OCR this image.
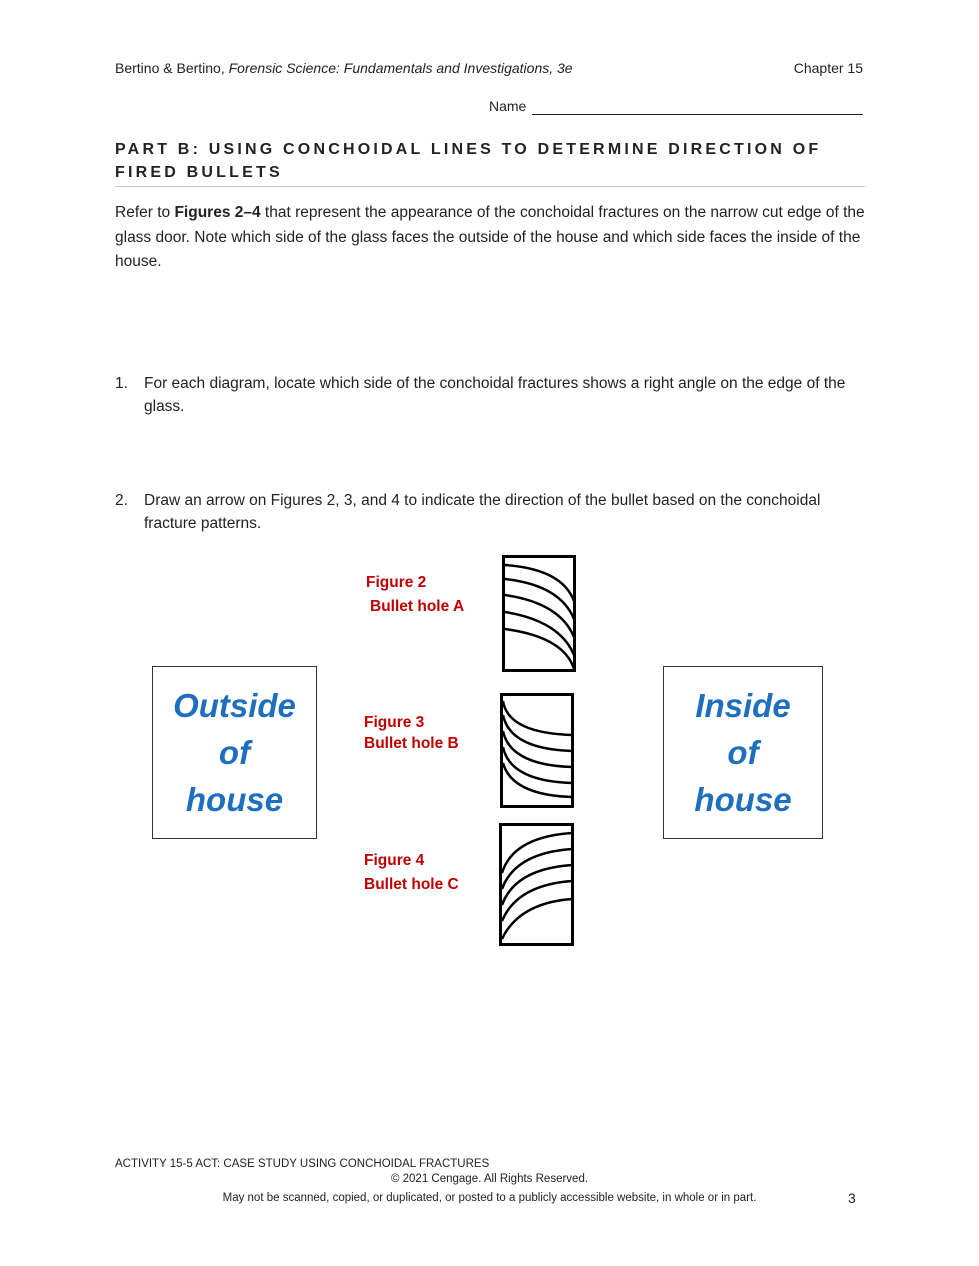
Bertino & Bertino, Forensic Science: Fundamentals and Investigations, 3e	Chapter 15
Name
PART B: USING CONCHOIDAL LINES TO DETERMINE DIRECTION OF FIRED BULLETS
Refer to Figures 2–4 that represent the appearance of the conchoidal fractures on the narrow cut edge of the glass door. Note which side of the glass faces the outside of the house and which side faces the inside of the house.
1. For each diagram, locate which side of the conchoidal fractures shows a right angle on the edge of the glass.
2. Draw an arrow on Figures 2, 3, and 4 to indicate the direction of the bullet based on the conchoidal fracture patterns.
Figure 2
Bullet hole A
Figure 3
Bullet hole B
Figure 4
Bullet hole C
Outside
of
house
Inside
of
house
ACTIVITY 15-5 ACT: CASE STUDY USING CONCHOIDAL FRACTURES
© 2021 Cengage. All Rights Reserved.
May not be scanned, copied, or duplicated, or posted to a publicly accessible website, in whole or in part.	3
